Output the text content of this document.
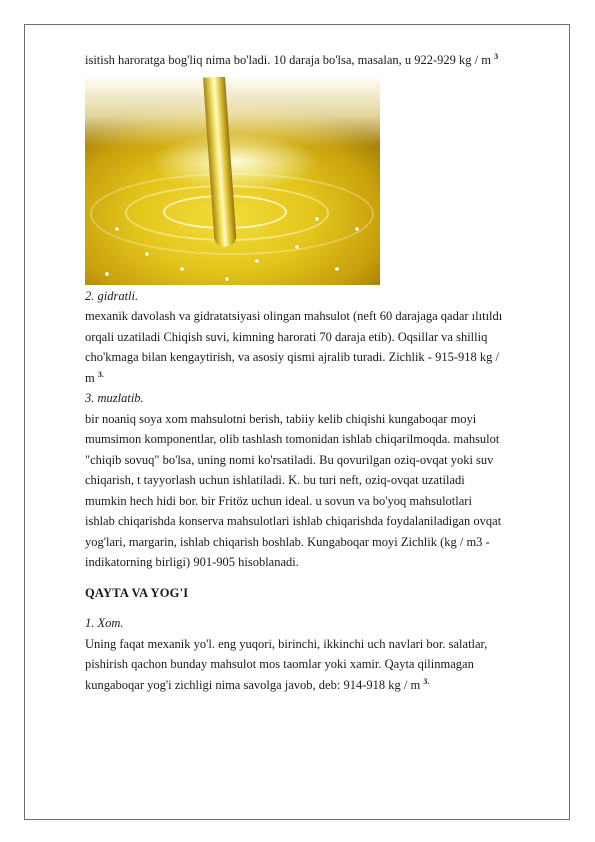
isitish haroratga bog'liq nima bo'ladi. 10 daraja bo'lsa, masalan, u 922-929 kg / m $^3$
2. gidratli.
mexanik davolash va gidratatsiyasi olingan mahsulot (neft 60 darajaga qadar ılıtıldı
orqali uzatiladi Chiqish suvi, kimning harorati 70 daraja etib). Oqsillar va shilliq
cho'kmaga bilan kengaytirish, va asosiy qismi ajralib turadi. Zichlik - 915-918 kg /
m $^{3.}$
3. muzlatib.
bir noaniq soya xom mahsulotni berish, tabiiy kelib chiqishi kungaboqar moyi
mumsimon komponentlar, olib tashlash tomonidan ishlab chiqarilmoqda. mahsulot
"chiqib sovuq" bo'lsa, uning nomi ko'rsatiladi. Bu qovurilgan oziq-ovqat yoki suv
chiqarish, t tayyorlash uchun ishlatiladi. K. bu turi neft, oziq-ovqat uzatiladi
mumkin hech hidi bor. bir Fritöz uchun ideal. u sovun va bo'yoq mahsulotlari
ishlab chiqarishda konserva mahsulotlari ishlab chiqarishda foydalaniladigan ovqat
yog'lari, margarin, ishlab chiqarish boshlab. Kungaboqar moyi Zichlik (kg / m3 -
indikatorning birligi) 901-905 hisoblanadi.
QAYTA VA YOG'I
1. Xom.
Uning faqat mexanik yo'l. eng yuqori, birinchi, ikkinchi uch navlari bor. salatlar,
pishirish qachon bunday mahsulot mos taomlar yoki xamir. Qayta qilinmagan
kungaboqar yog'i zichligi nima savolga javob, deb: 914-918 kg / m $^{3.}$
